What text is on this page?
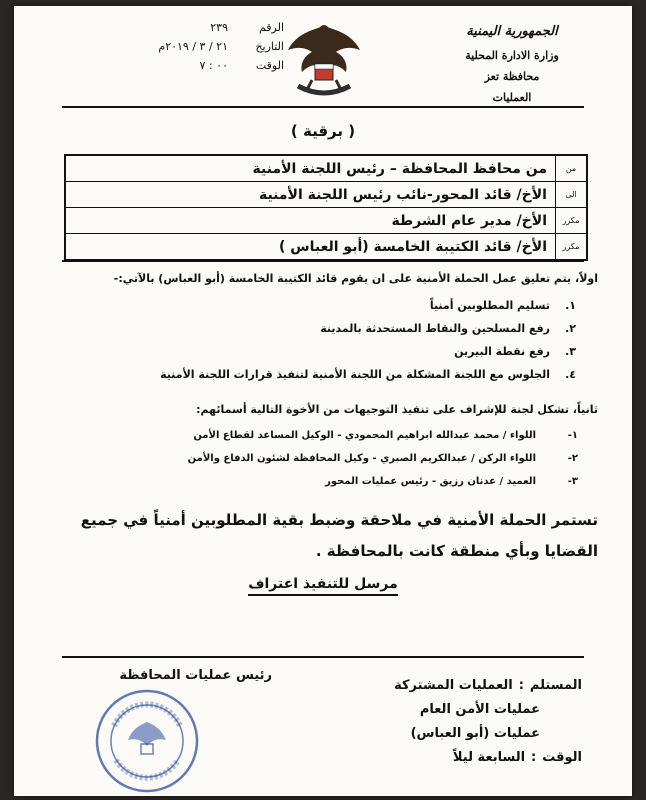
الجمهورية اليمنية
وزارة الادارة المحلية
محافظة تعز
العمليات
الرقم
٢٣٩
التاريخ
٢١ / ٣ / ٢٠١٩م
الوقت
٠٠ : ٧
( برقية )
من
من محافظ المحافظة – رئيس اللجنة الأمنية
الى
الأخ/ قائد المحور-نائب رئيس اللجنة الأمنية
مكرر
الأخ/ مدير عام الشرطة
مكرر
الأخ/ قائد الكتيبة الخامسة (أبو العباس )
اولاً، يتم تعليق عمل الحملة الأمنية على ان يقوم قائد الكتيبة الخامسة (أبو العباس) بالآتي:-
١.
تسليم المطلوبين أمنياً
٢.
رفع المسلحين والنقاط المستحدثة بالمدينة
٣.
رفع نقطة البيرين
٤.
الجلوس مع اللجنة المشكلة من اللجنة الأمنية لتنفيذ قرارات اللجنة الأمنية
ثانياً، تشكل لجنة للإشراف على تنفيذ التوجيهات من الأخوة التالية أسمائهم:
١-
اللواء / محمد عبدالله ابراهيم المحمودي - الوكيل المساعد لقطاع الأمن
٢-
اللواء الركن / عبدالكريم الصبري - وكيل المحافظة لشئون الدفاع والأمن
٣-
العميد / عدنان رزيق - رئيس عمليات المحور
تستمر الحملة الأمنية في ملاحقة وضبط بقية المطلوبين أمنياً في جميع القضايا وبأي منطقة كانت بالمحافظة .
مرسل للتنفيذ اعتراف
رئيس عمليات المحافظة
المستلم
:
العمليات المشتركة
عمليات الأمن العام
عمليات (أبو العباس)
الوقت
:
السابعة ليلاً
